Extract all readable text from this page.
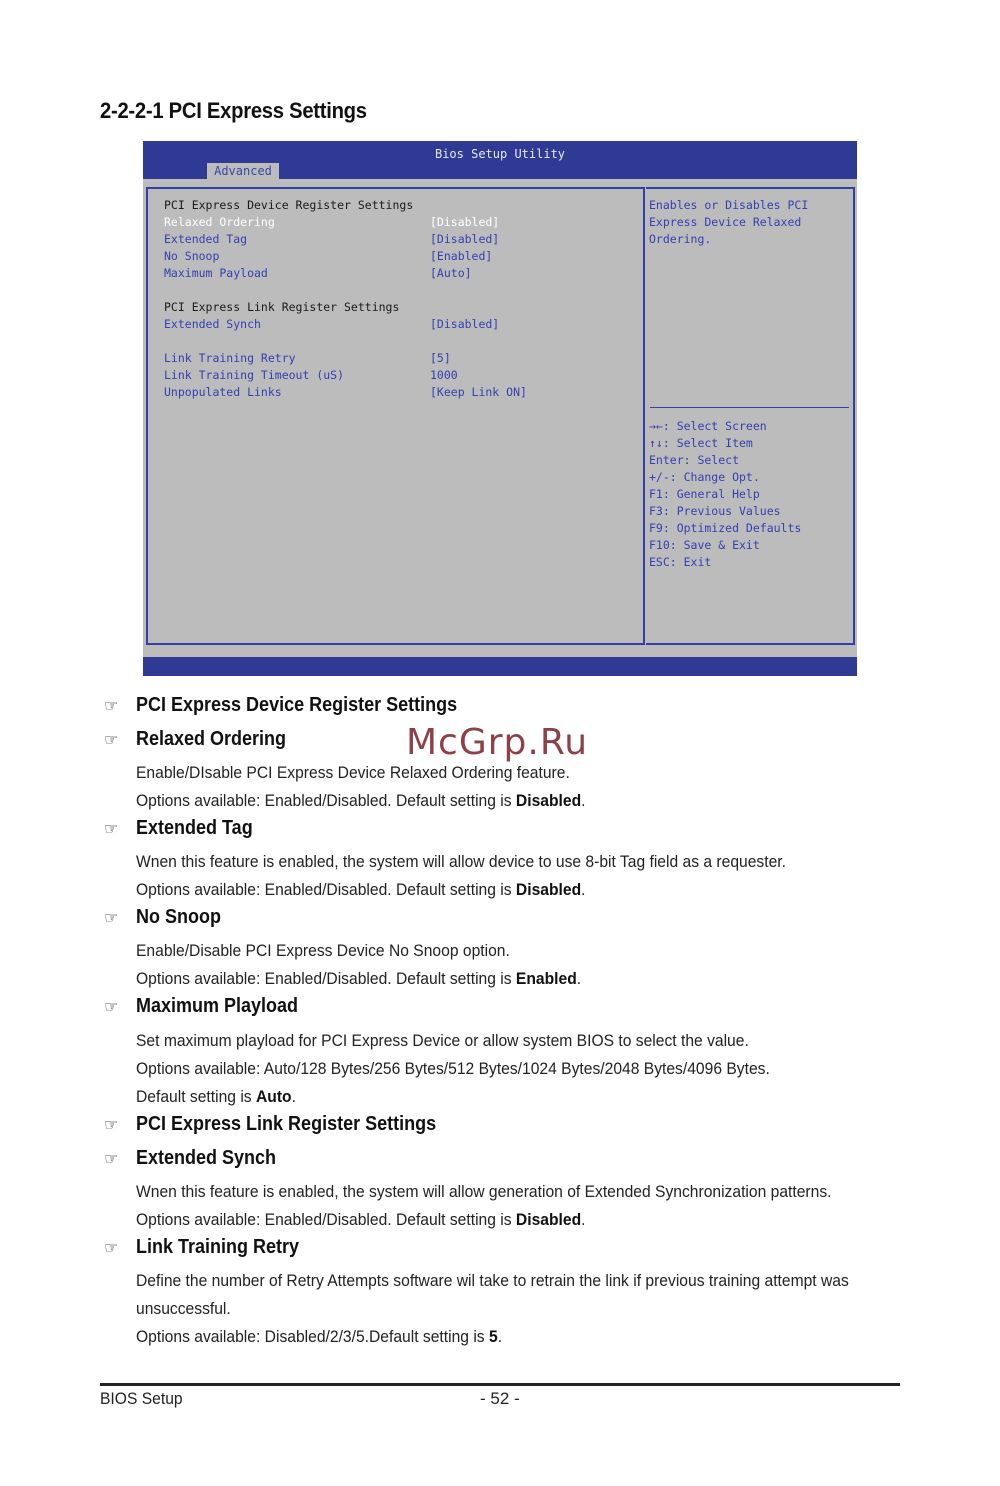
2-2-2-1 PCI Express Settings
Bios Setup Utility
Advanced
PCI Express Device Register Settings
Relaxed Ordering	[Disabled]
Extended Tag	[Disabled]
No Snoop	[Enabled]
Maximum Payload	[Auto]
PCI Express Link Register Settings
Extended Synch	[Disabled]
Link Training Retry	[5]
Link Training Timeout (uS)	1000
Unpopulated Links	[Keep Link ON]
Enables or Disables PCI
Express Device Relaxed
Ordering.
→←: Select Screen
↑↓: Select Item
Enter: Select
+/-: Change Opt.
F1: General Help
F3: Previous Values
F9: Optimized Defaults
F10: Save & Exit
ESC: Exit
☞ PCI Express Device Register Settings
☞ Relaxed Ordering	McGrp.Ru
Enable/DIsable PCI Express Device Relaxed Ordering feature.
Options available: Enabled/Disabled. Default setting is Disabled.
☞ Extended Tag
Wnen this feature is enabled, the system will allow device to use 8-bit Tag field as a requester.
Options available: Enabled/Disabled. Default setting is Disabled.
☞ No Snoop
Enable/Disable PCI Express Device No Snoop option.
Options available: Enabled/Disabled. Default setting is Enabled.
☞ Maximum Playload
Set maximum playload for PCI Express Device or allow system BIOS to select the value.
Options available: Auto/128 Bytes/256 Bytes/512 Bytes/1024 Bytes/2048 Bytes/4096 Bytes.
Default setting is Auto.
☞ PCI Express Link Register Settings
☞ Extended Synch
Wnen this feature is enabled, the system will allow generation of Extended Synchronization patterns.
Options available: Enabled/Disabled. Default setting is Disabled.
☞ Link Training Retry
Define the number of Retry Attempts software wil take to retrain the link if previous training attempt was
unsuccessful.
Options available: Disabled/2/3/5.Default setting is 5.
BIOS Setup	- 52 -
